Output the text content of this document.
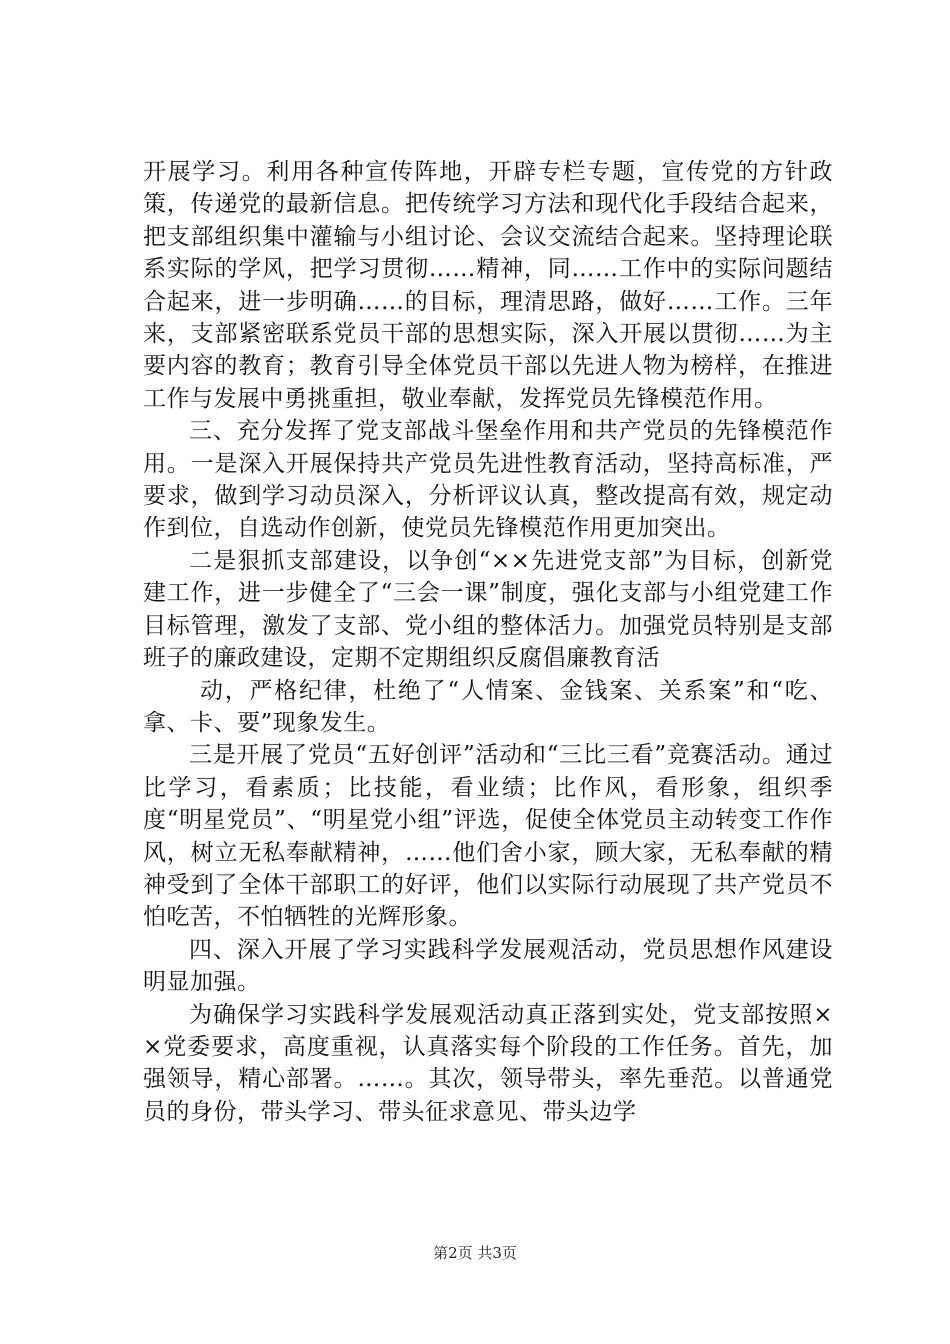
开展学习。利用各种宣传阵地，开辟专栏专题，宣传党的方针政策，传递党的最新信息。把传统学习方法和现代化手段结合起来，把支部组织集中灌输与小组讨论、会议交流结合起来。坚持理论联系实际的学风，把学习贯彻……精神，同……工作中的实际问题结合起来，进一步明确……的目标，理清思路，做好……工作。三年来，支部紧密联系党员干部的思想实际，深入开展以贯彻……为主要内容的教育；教育引导全体党员干部以先进人物为榜样，在推进工作与发展中勇挑重担，敬业奉献，发挥党员先锋模范作用。

三、充分发挥了党支部战斗堡垒作用和共产党员的先锋模范作用。一是深入开展保持共产党员先进性教育活动，坚持高标准，严要求，做到学习动员深入，分析评议认真，整改提高有效，规定动作到位，自选动作创新，使党员先锋模范作用更加突出。

二是狠抓支部建设，以争创“××先进党支部”为目标，创新党建工作，进一步健全了“三会一课”制度，强化支部与小组党建工作目标管理，激发了支部、党小组的整体活力。加强党员特别是支部班子的廉政建设，定期不定期组织反腐倡廉教育活

动，严格纪律，杜绝了“人情案、金钱案、关系案”和“吃、拿、卡、要”现象发生。

三是开展了党员“五好创评”活动和“三比三看”竞赛活动。通过比学习，看素质；比技能，看业绩；比作风，看形象，组织季度“明星党员”、“明星党小组”评选，促使全体党员主动转变工作作风，树立无私奉献精神，……他们舍小家，顾大家，无私奉献的精神受到了全体干部职工的好评，他们以实际行动展现了共产党员不怕吃苦，不怕牺牲的光辉形象。

四、深入开展了学习实践科学发展观活动，党员思想作风建设明显加强。

为确保学习实践科学发展观活动真正落到实处，党支部按照××党委要求，高度重视，认真落实每个阶段的工作任务。首先，加强领导，精心部署。……。其次，领导带头，率先垂范。以普通党员的身份，带头学习、带头征求意见、带头边学

第2页 共3页
